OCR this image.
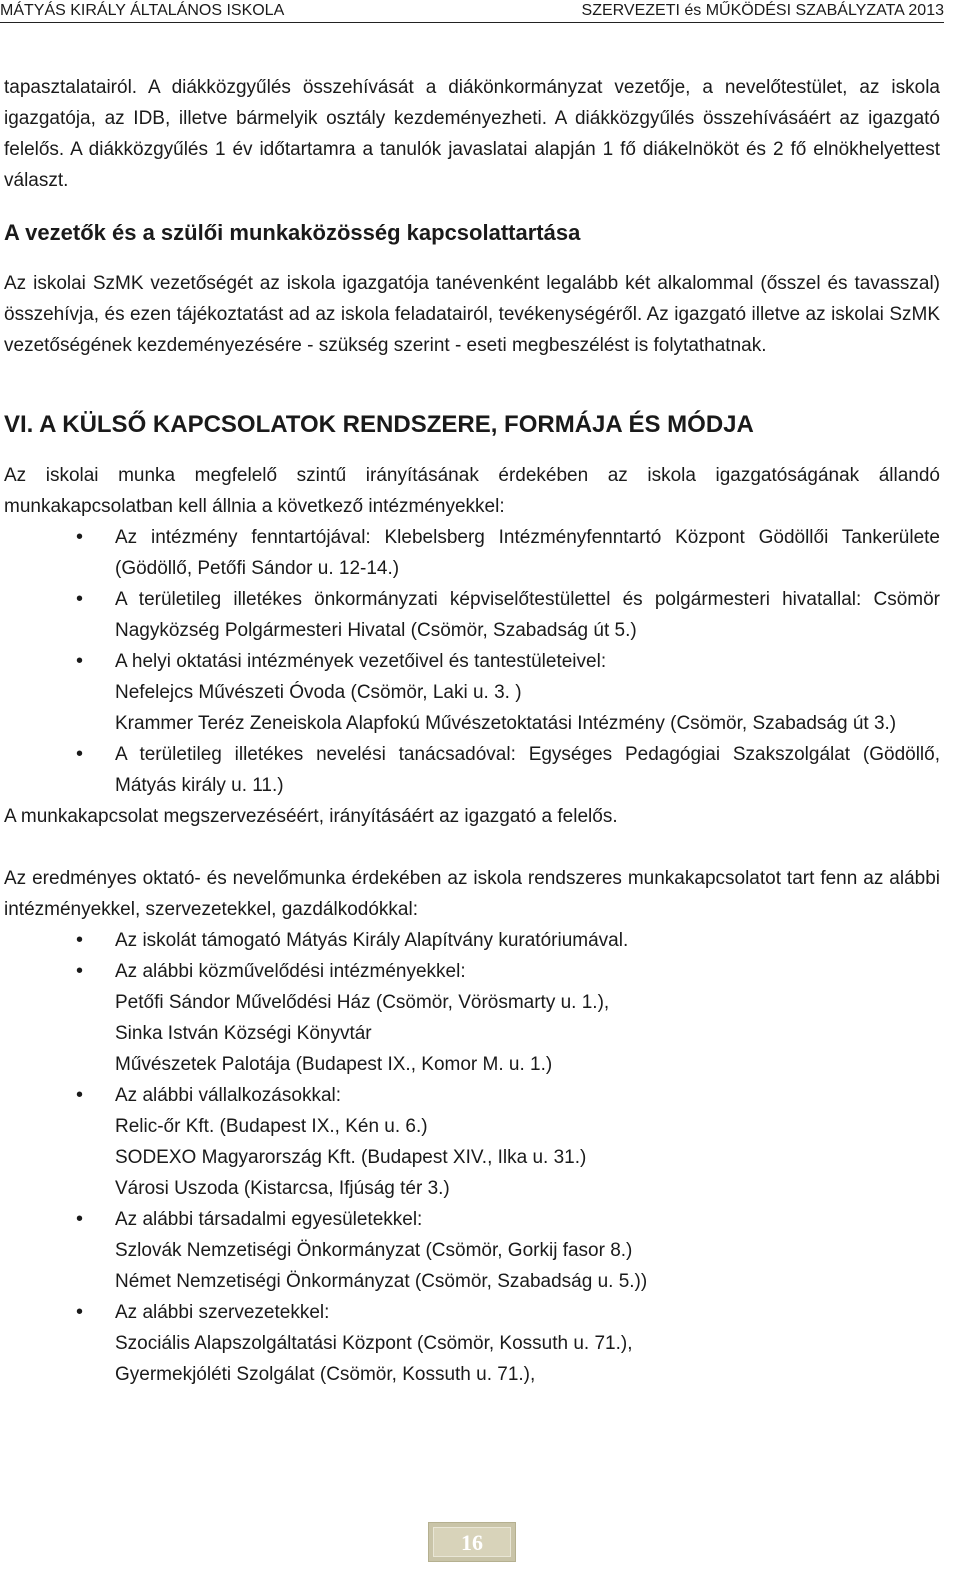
MÁTYÁS KIRÁLY ÁLTALÁNOS ISKOLA	SZERVEZETI és MŰKÖDÉSI SZABÁLYZATA 2013

tapasztalatairól. A diákközgyűlés összehívását a diákönkormányzat vezetője, a nevelőtestület, az iskola igazgatója, az IDB, illetve bármelyik osztály kezdeményezheti. A diákközgyűlés összehívásáért az igazgató felelős. A diákközgyűlés 1 év időtartamra a tanulók javaslatai alapján 1 fő diákelnököt és 2 fő elnökhelyettest választ.

A vezetők és a szülői munkaközösség kapcsolattartása

Az iskolai SzMK vezetőségét az iskola igazgatója tanévenként legalább két alkalommal (ősszel és tavasszal) összehívja, és ezen tájékoztatást ad az iskola feladatairól, tevékenységéről. Az igazgató illetve az iskolai SzMK vezetőségének kezdeményezésére - szükség szerint - eseti megbeszélést is folytathatnak.

VI. A KÜLSŐ KAPCSOLATOK RENDSZERE, FORMÁJA ÉS MÓDJA

Az iskolai munka megfelelő szintű irányításának érdekében az iskola igazgatóságának állandó munkakapcsolatban kell állnia a következő intézményekkel:

• Az intézmény fenntartójával: Klebelsberg Intézményfenntartó Központ Gödöllői Tankerülete (Gödöllő, Petőfi Sándor u. 12-14.)
• A területileg illetékes önkormányzati képviselőtestülettel és polgármesteri hivatallal: Csömör Nagyközség Polgármesteri Hivatal (Csömör, Szabadság út 5.)
• A helyi oktatási intézmények vezetőivel és tantestületeivel:
Nefelejcs Művészeti Óvoda (Csömör, Laki u. 3. )
Krammer Teréz Zeneiskola Alapfokú Művészetoktatási Intézmény (Csömör, Szabadság út 3.)
• A területileg illetékes nevelési tanácsadóval: Egységes Pedagógiai Szakszolgálat (Gödöllő, Mátyás király u. 11.)

A munkakapcsolat megszervezéséért, irányításáért az igazgató a felelős.

Az eredményes oktató- és nevelőmunka érdekében az iskola rendszeres munkakapcsolatot tart fenn az alábbi intézményekkel, szervezetekkel, gazdálkodókkal:

• Az iskolát támogató Mátyás Király Alapítvány kuratóriumával.
• Az alábbi közművelődési intézményekkel:
Petőfi Sándor Művelődési Ház (Csömör, Vörösmarty u. 1.),
Sinka István Községi Könyvtár
Művészetek Palotája (Budapest IX., Komor M. u. 1.)
• Az alábbi vállalkozásokkal:
Relic-őr Kft. (Budapest IX., Kén u. 6.)
SODEXO Magyarország Kft. (Budapest XIV., Ilka u. 31.)
Városi Uszoda (Kistarcsa, Ifjúság tér 3.)
• Az alábbi társadalmi egyesületekkel:
Szlovák Nemzetiségi Önkormányzat (Csömör, Gorkij fasor 8.)
Német Nemzetiségi Önkormányzat (Csömör, Szabadság u. 5.))
• Az alábbi szervezetekkel:
Szociális Alapszolgáltatási Központ (Csömör, Kossuth u. 71.),
Gyermekjóléti Szolgálat (Csömör, Kossuth u. 71.),
16
